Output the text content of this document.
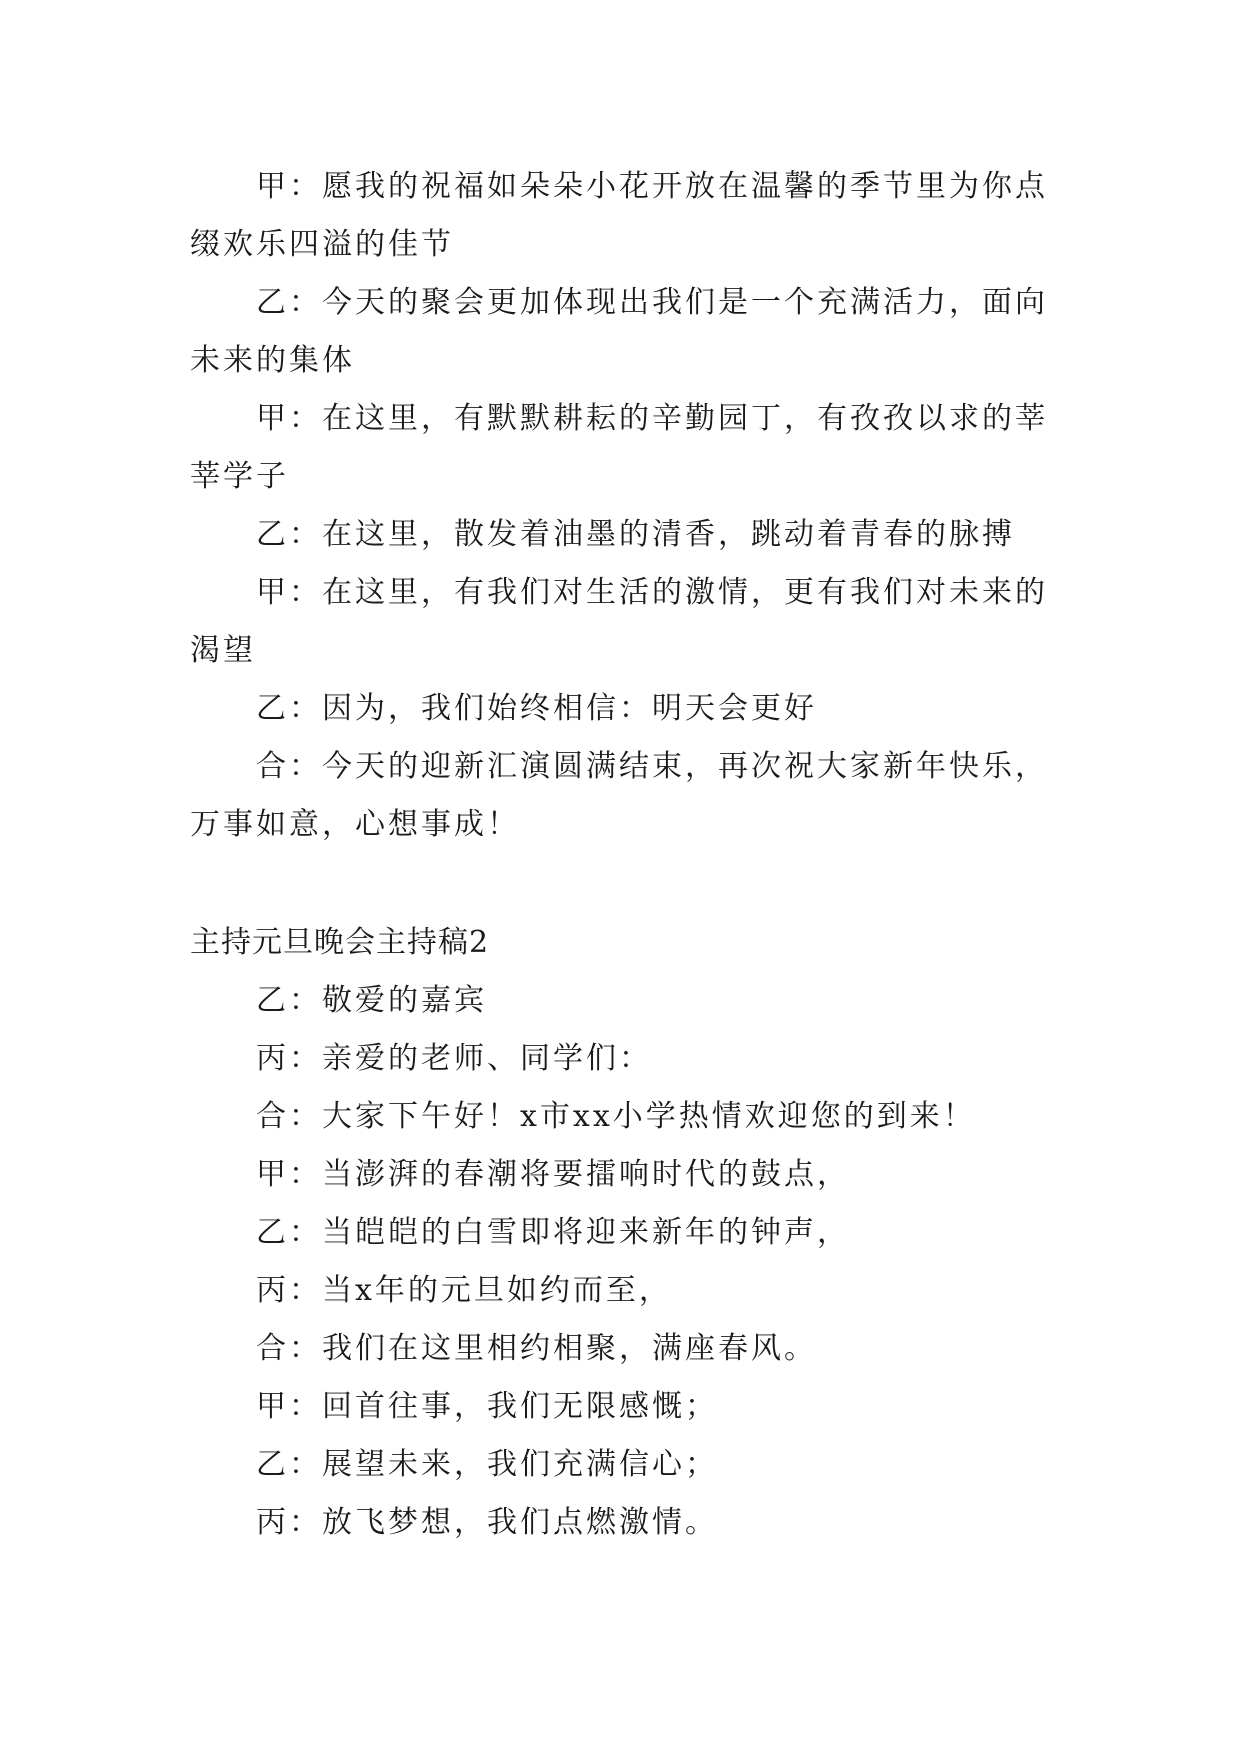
甲：愿我的祝福如朵朵小花开放在温馨的季节里为你点缀欢乐四溢的佳节

乙：今天的聚会更加体现出我们是一个充满活力，面向未来的集体

甲：在这里，有默默耕耘的辛勤园丁，有孜孜以求的莘莘学子

乙：在这里，散发着油墨的清香，跳动着青春的脉搏

甲：在这里，有我们对生活的激情，更有我们对未来的渴望

乙：因为，我们始终相信：明天会更好

合：今天的迎新汇演圆满结束，再次祝大家新年快乐，万事如意，心想事成！

主持元旦晚会主持稿2

乙：敬爱的嘉宾

丙：亲爱的老师、同学们：

合：大家下午好！x市xx小学热情欢迎您的到来！

甲：当澎湃的春潮将要擂响时代的鼓点，

乙：当皑皑的白雪即将迎来新年的钟声，

丙：当x年的元旦如约而至，

合：我们在这里相约相聚，满座春风。

甲：回首往事，我们无限感慨；

乙：展望未来，我们充满信心；

丙：放飞梦想，我们点燃激情。
